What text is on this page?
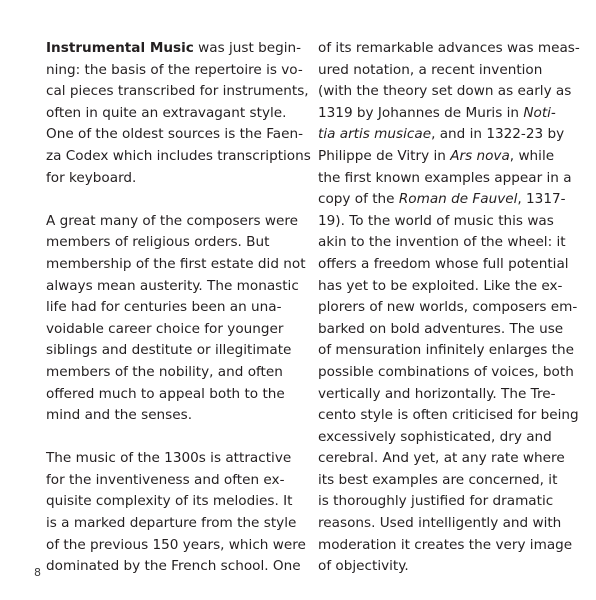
Instrumental Music was just begin-
ning: the basis of the repertoire is vo-
cal pieces transcribed for instruments,
often in quite an extravagant style.
One of the oldest sources is the Faen-
za Codex which includes transcriptions
for keyboard.
A great many of the composers were
members of religious orders. But
membership of the first estate did not
always mean austerity. The monastic
life had for centuries been an una-
voidable career choice for younger
siblings and destitute or illegitimate
members of the nobility, and often
offered much to appeal both to the
mind and the senses.
The music of the 1300s is attractive
for the inventiveness and often ex-
quisite complexity of its melodies. It
is a marked departure from the style
of the previous 150 years, which were
dominated by the French school. One
of its remarkable advances was meas-
ured notation, a recent invention
(with the theory set down as early as
1319 by Johannes de Muris in Noti-
tia artis musicae, and in 1322-23 by
Philippe de Vitry in Ars nova, while
the first known examples appear in a
copy of the Roman de Fauvel, 1317-
19). To the world of music this was
akin to the invention of the wheel: it
offers a freedom whose full potential
has yet to be exploited. Like the ex-
plorers of new worlds, composers em-
barked on bold adventures. The use
of mensuration infinitely enlarges the
possible combinations of voices, both
vertically and horizontally. The Tre-
cento style is often criticised for being
excessively sophisticated, dry and
cerebral. And yet, at any rate where
its best examples are concerned, it
is thoroughly justified for dramatic
reasons. Used intelligently and with
moderation it creates the very image
of objectivity.
8
